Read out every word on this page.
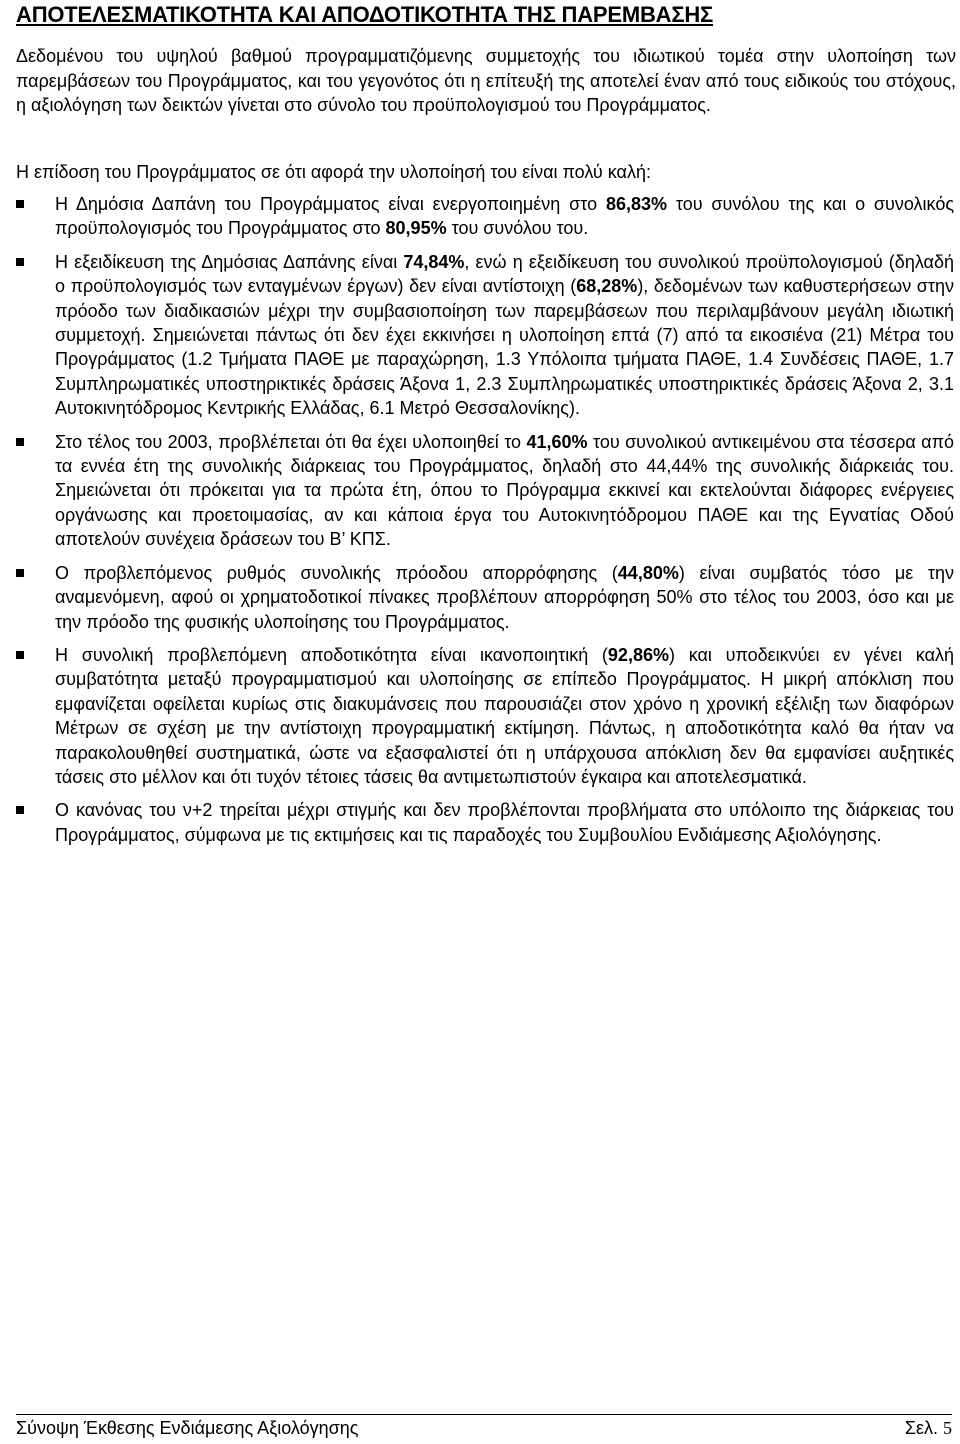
ΑΠΟΤΕΛΕΣΜΑΤΙΚΟΤΗΤΑ ΚΑΙ ΑΠΟΔΟΤΙΚΟΤΗΤΑ ΤΗΣ ΠΑΡΕΜΒΑΣΗΣ

Δεδομένου του υψηλού βαθμού προγραμματιζόμενης συμμετοχής του ιδιωτικού τομέα στην υλοποίηση των παρεμβάσεων του Προγράμματος, και του γεγονότος ότι η επίτευξή της αποτελεί έναν από τους ειδικούς του στόχους, η αξιολόγηση των δεικτών γίνεται στο σύνολο του προϋπολογισμού του Προγράμματος.

Η επίδοση του Προγράμματος σε ότι αφορά την υλοποίησή του είναι πολύ καλή:

Η Δημόσια Δαπάνη του Προγράμματος είναι ενεργοποιημένη στο 86,83% του συνόλου της και ο συνολικός προϋπολογισμός του Προγράμματος στο 80,95% του συνόλου του.
Η εξειδίκευση της Δημόσιας Δαπάνης είναι 74,84%, ενώ η εξειδίκευση του συνολικού προϋπολογισμού (δηλαδή ο προϋπολογισμός των ενταγμένων έργων) δεν είναι αντίστοιχη (68,28%), δεδομένων των καθυστερήσεων στην πρόοδο των διαδικασιών μέχρι την συμβασιοποίηση των παρεμβάσεων που περιλαμβάνουν μεγάλη ιδιωτική συμμετοχή. Σημειώνεται πάντως ότι δεν έχει εκκινήσει η υλοποίηση επτά (7) από τα εικοσιένα (21) Μέτρα του Προγράμματος (1.2 Τμήματα ΠΑΘΕ με παραχώρηση, 1.3 Υπόλοιπα τμήματα ΠΑΘΕ, 1.4 Συνδέσεις ΠΑΘΕ, 1.7 Συμπληρωματικές υποστηρικτικές δράσεις Άξονα 1, 2.3 Συμπληρωματικές υποστηρικτικές δράσεις Άξονα 2, 3.1 Αυτοκινητόδρομος Κεντρικής Ελλάδας, 6.1 Μετρό Θεσσαλονίκης).
Στο τέλος του 2003, προβλέπεται ότι θα έχει υλοποιηθεί το 41,60% του συνολικού αντικειμένου στα τέσσερα από τα εννέα έτη της συνολικής διάρκειας του Προγράμματος, δηλαδή στο 44,44% της συνολικής διάρκειάς του. Σημειώνεται ότι πρόκειται για τα πρώτα έτη, όπου το Πρόγραμμα εκκινεί και εκτελούνται διάφορες ενέργειες οργάνωσης και προετοιμασίας, αν και κάποια έργα του Αυτοκινητόδρομου ΠΑΘΕ και της Εγνατίας Οδού αποτελούν συνέχεια δράσεων του Β’ ΚΠΣ.
Ο προβλεπόμενος ρυθμός συνολικής πρόοδου απορρόφησης (44,80%) είναι συμβατός τόσο με την αναμενόμενη, αφού οι χρηματοδοτικοί πίνακες προβλέπουν απορρόφηση 50% στο τέλος του 2003, όσο και με την πρόοδο της φυσικής υλοποίησης του Προγράμματος.
Η συνολική προβλεπόμενη αποδοτικότητα είναι ικανοποιητική (92,86%) και υποδεικνύει εν γένει καλή συμβατότητα μεταξύ προγραμματισμού και υλοποίησης σε επίπεδο Προγράμματος. Η μικρή απόκλιση που εμφανίζεται οφείλεται κυρίως στις διακυμάνσεις που παρουσιάζει στον χρόνο η χρονική εξέλιξη των διαφόρων Μέτρων σε σχέση με την αντίστοιχη προγραμματική εκτίμηση. Πάντως, η αποδοτικότητα καλό θα ήταν να παρακολουθηθεί συστηματικά, ώστε να εξασφαλιστεί ότι η υπάρχουσα απόκλιση δεν θα εμφανίσει αυξητικές τάσεις στο μέλλον και ότι τυχόν τέτοιες τάσεις θα αντιμετωπιστούν έγκαιρα και αποτελεσματικά.
Ο κανόνας του ν+2 τηρείται μέχρι στιγμής και δεν προβλέπονται προβλήματα στο υπόλοιπο της διάρκειας του Προγράμματος, σύμφωνα με τις εκτιμήσεις και τις παραδοχές του Συμβουλίου Ενδιάμεσης Αξιολόγησης.
Σύνοψη Έκθεσης Ενδιάμεσης Αξιολόγησης	Σελ. 5
